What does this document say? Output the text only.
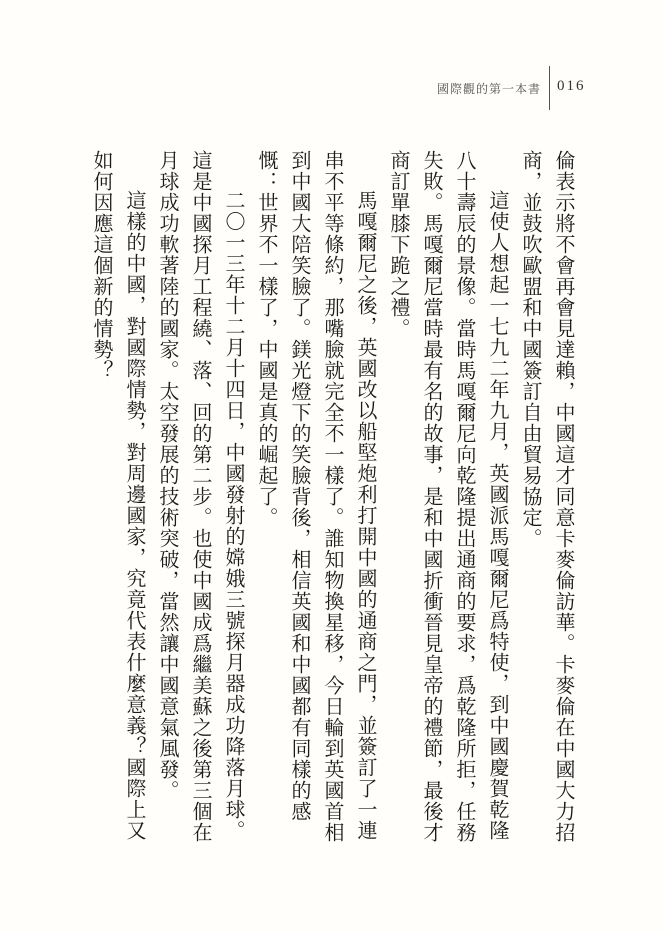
國際觀的第一本書 016

倫表示將不會再會見達賴，中國這才同意卡麥倫訪華。卡麥倫在中國大力招商，並鼓吹歐盟和中國簽訂自由貿易協定。

這使人想起一七九二年九月，英國派馬嘎爾尼爲特使，到中國慶賀乾隆八十壽辰的景像。當時馬嘎爾尼向乾隆提出通商的要求，爲乾隆所拒，任務失敗。馬嘎爾尼當時最有名的故事，是和中國折衝晉見皇帝的禮節，最後才商訂單膝下跪之禮。

馬嘎爾尼之後，英國改以船堅炮利打開中國的通商之門，並簽訂了一連串不平等條約，那嘴臉就完全不一樣了。誰知物換星移，今日輪到英國首相到中國大陪笑臉了。鎂光燈下的笑臉背後，相信英國和中國都有同樣的感慨：世界不一樣了，中國是真的崛起了。

二〇一三年十二月十四日，中國發射的嫦娥三號探月器成功降落月球。這是中國探月工程繞、落、回的第二步。也使中國成爲繼美蘇之後第三個在月球成功軟著陸的國家。太空發展的技術突破，當然讓中國意氣風發。

這樣的中國，對國際情勢，對周邊國家，究竟代表什麼意義？國際上又如何因應這個新的情勢？
